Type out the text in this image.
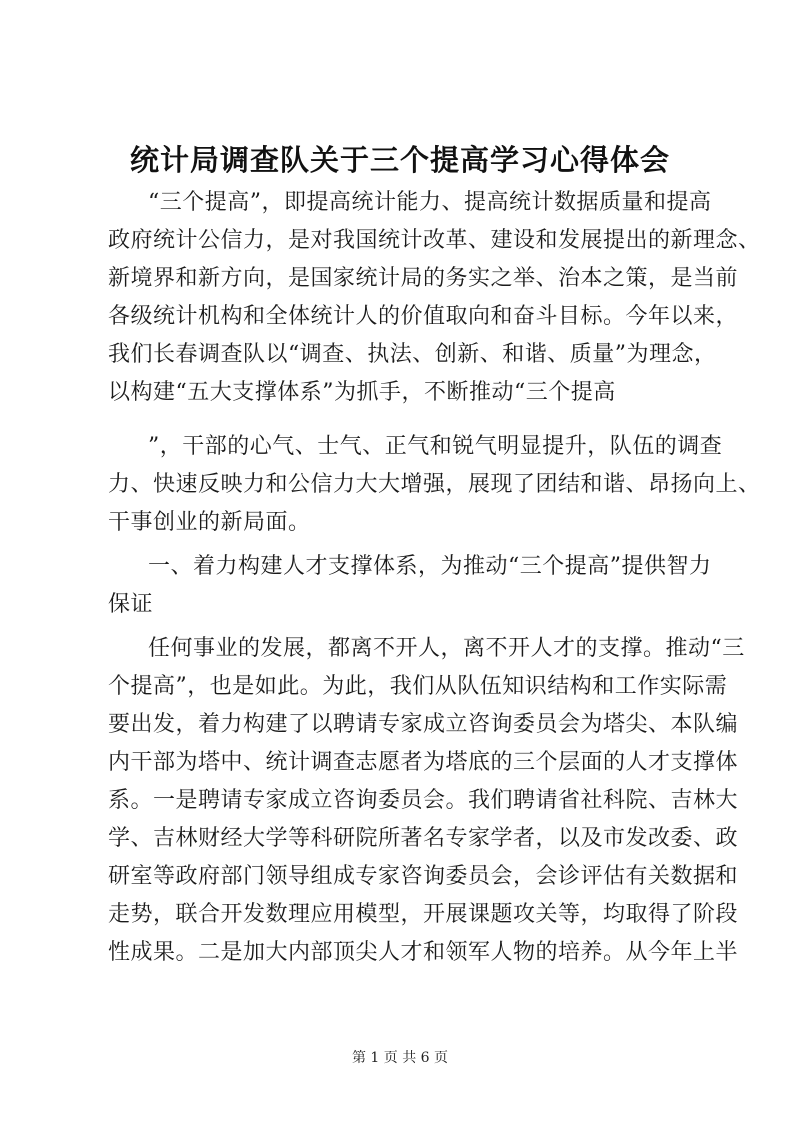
统计局调查队关于三个提高学习心得体会
“三个提高”，即提高统计能力、提高统计数据质量和提高
政府统计公信力，是对我国统计改革、建设和发展提出的新理念、
新境界和新方向，是国家统计局的务实之举、治本之策，是当前
各级统计机构和全体统计人的价值取向和奋斗目标。今年以来，
我们长春调查队以“调查、执法、创新、和谐、质量”为理念，
以构建“五大支撑体系”为抓手，不断推动“三个提高
”，干部的心气、士气、正气和锐气明显提升，队伍的调查
力、快速反映力和公信力大大增强，展现了团结和谐、昂扬向上、
干事创业的新局面。
一、着力构建人才支撑体系，为推动“三个提高”提供智力
保证
任何事业的发展，都离不开人，离不开人才的支撑。推动“三
个提高”，也是如此。为此，我们从队伍知识结构和工作实际需
要出发，着力构建了以聘请专家成立咨询委员会为塔尖、本队编
内干部为塔中、统计调查志愿者为塔底的三个层面的人才支撑体
系。一是聘请专家成立咨询委员会。我们聘请省社科院、吉林大
学、吉林财经大学等科研院所著名专家学者，以及市发改委、政
研室等政府部门领导组成专家咨询委员会，会诊评估有关数据和
走势，联合开发数理应用模型，开展课题攻关等，均取得了阶段
性成果。二是加大内部顶尖人才和领军人物的培养。从今年上半
第 1 页 共 6 页
